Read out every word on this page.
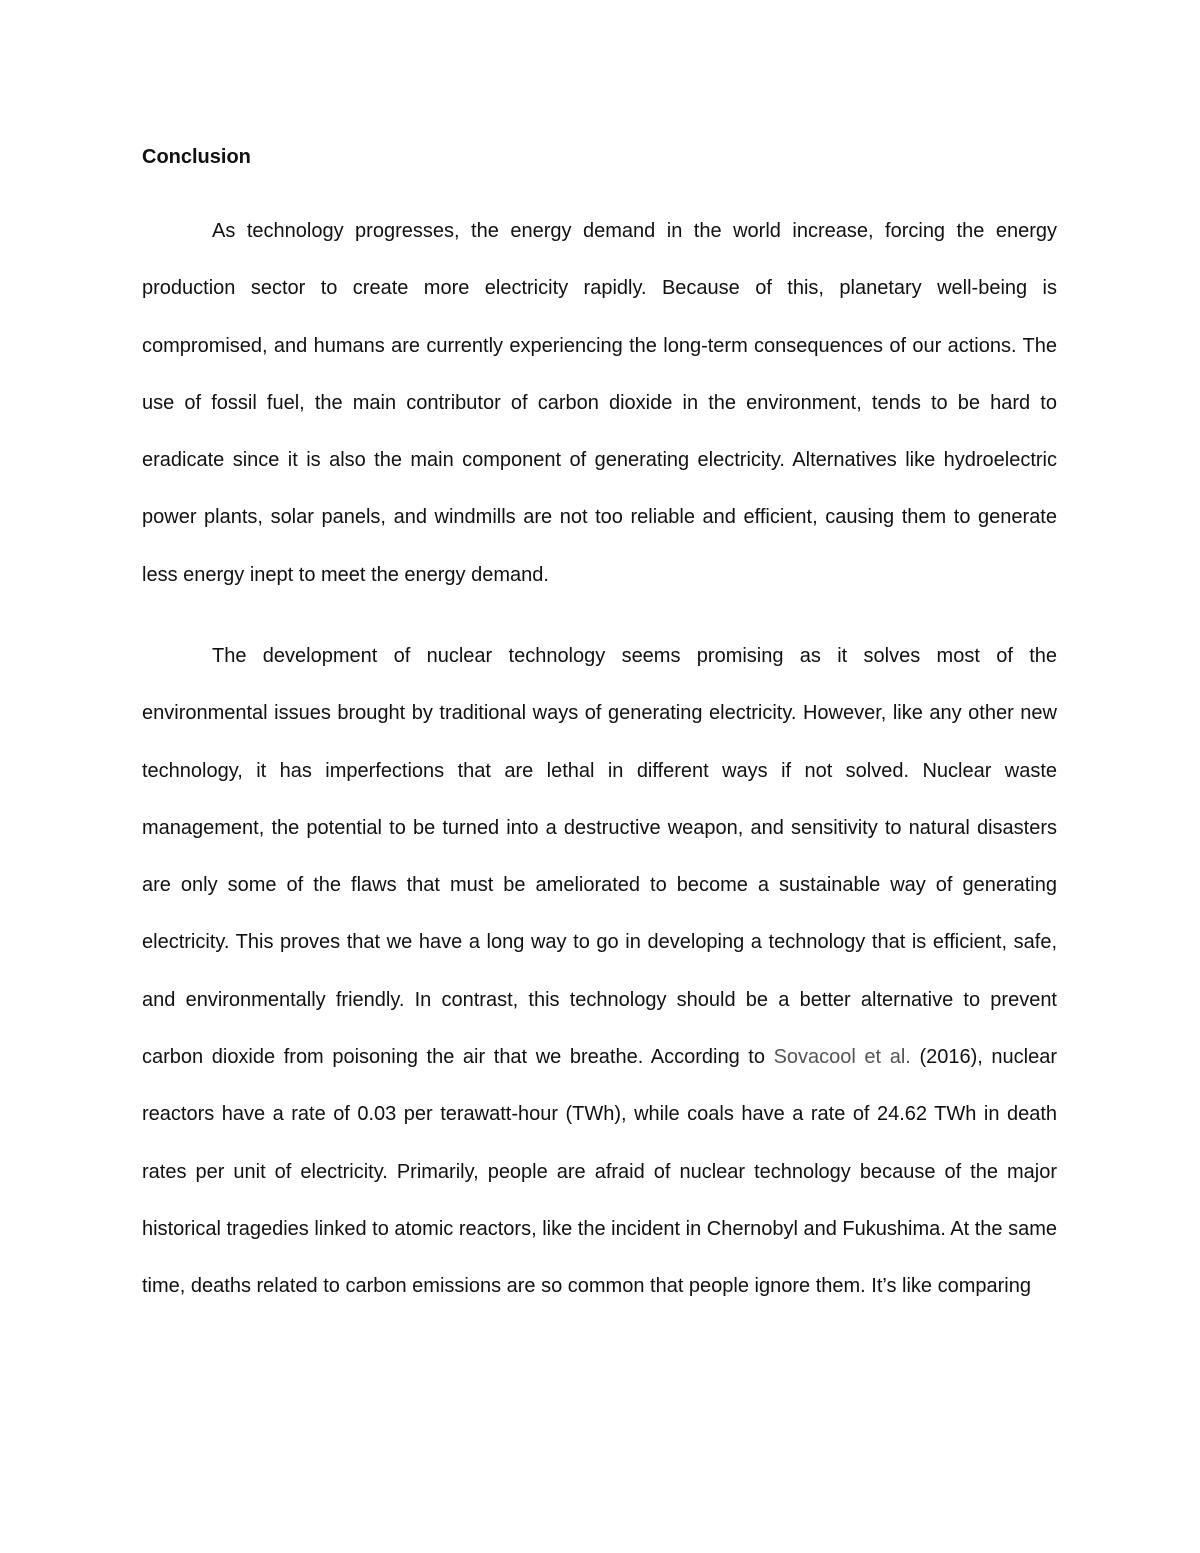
Conclusion

As technology progresses, the energy demand in the world increase, forcing the energy production sector to create more electricity rapidly. Because of this, planetary well-being is compromised, and humans are currently experiencing the long-term consequences of our actions. The use of fossil fuel, the main contributor of carbon dioxide in the environment, tends to be hard to eradicate since it is also the main component of generating electricity. Alternatives like hydroelectric power plants, solar panels, and windmills are not too reliable and efficient, causing them to generate less energy inept to meet the energy demand.

The development of nuclear technology seems promising as it solves most of the environmental issues brought by traditional ways of generating electricity. However, like any other new technology, it has imperfections that are lethal in different ways if not solved. Nuclear waste management, the potential to be turned into a destructive weapon, and sensitivity to natural disasters are only some of the flaws that must be ameliorated to become a sustainable way of generating electricity. This proves that we have a long way to go in developing a technology that is efficient, safe, and environmentally friendly. In contrast, this technology should be a better alternative to prevent carbon dioxide from poisoning the air that we breathe. According to Sovacool et al. (2016), nuclear reactors have a rate of 0.03 per terawatt-hour (TWh), while coals have a rate of 24.62 TWh in death rates per unit of electricity. Primarily, people are afraid of nuclear technology because of the major historical tragedies linked to atomic reactors, like the incident in Chernobyl and Fukushima. At the same time, deaths related to carbon emissions are so common that people ignore them. It’s like comparing
